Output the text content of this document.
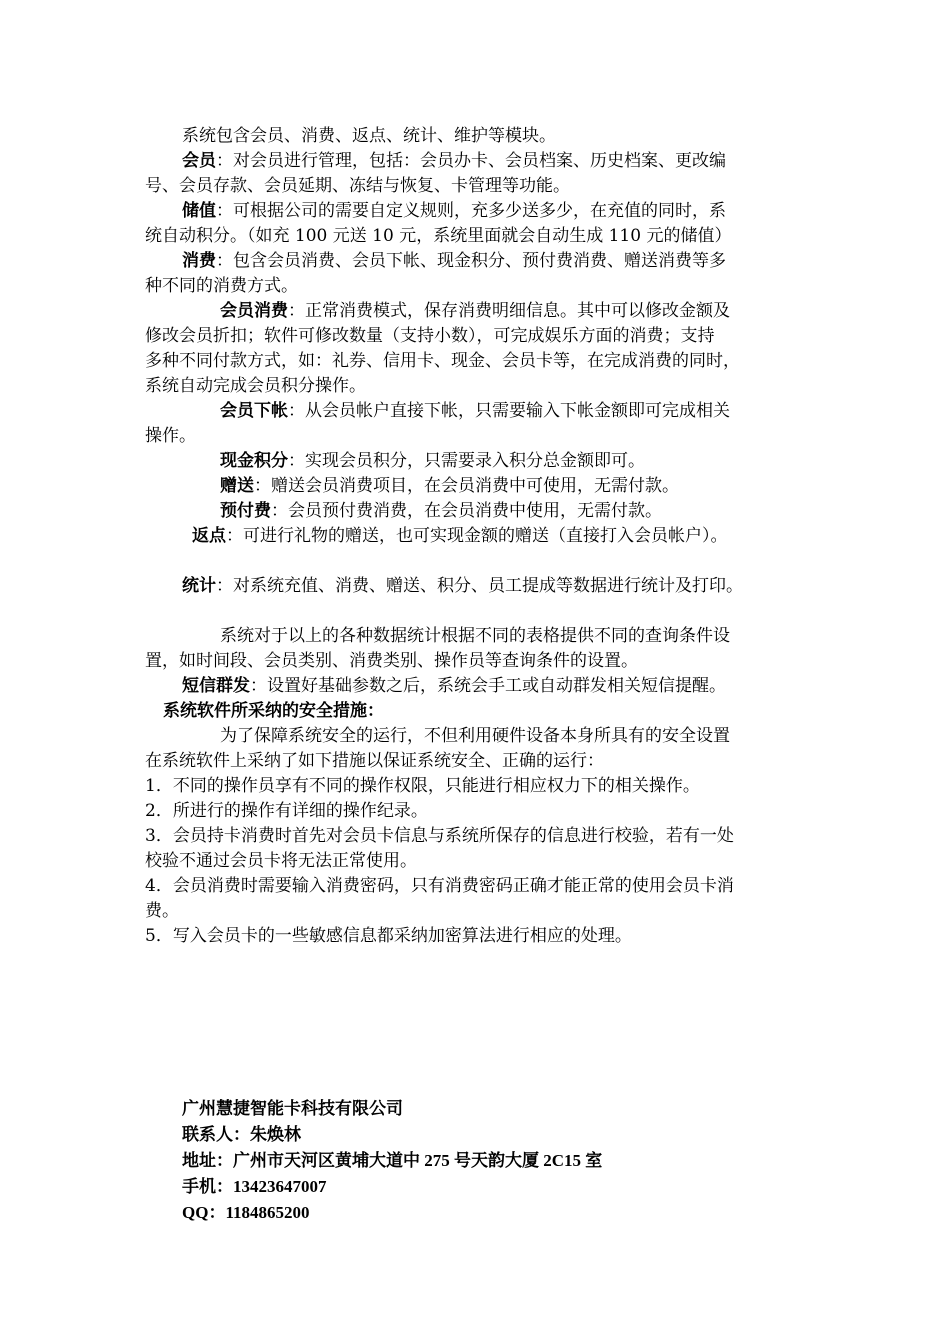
系统包含会员、消费、返点、统计、维护等模块。
会员：对会员进行管理，包括：会员办卡、会员档案、历史档案、更改编
号、会员存款、会员延期、冻结与恢复、卡管理等功能。
储值：可根据公司的需要自定义规则，充多少送多少，在充值的同时，系
统自动积分。（如充 100 元送 10 元，系统里面就会自动生成 110 元的储值）
消费：包含会员消费、会员下帐、现金积分、预付费消费、赠送消费等多
种不同的消费方式。
会员消费：正常消费模式，保存消费明细信息。其中可以修改金额及
修改会员折扣；软件可修改数量（支持小数），可完成娱乐方面的消费；支持
多种不同付款方式，如：礼券、信用卡、现金、会员卡等，在完成消费的同时，
系统自动完成会员积分操作。
会员下帐：从会员帐户直接下帐，只需要输入下帐金额即可完成相关
操作。
现金积分：实现会员积分，只需要录入积分总金额即可。
赠送：赠送会员消费项目，在会员消费中可使用，无需付款。
预付费：会员预付费消费，在会员消费中使用，无需付款。
返点：可进行礼物的赠送，也可实现金额的赠送（直接打入会员帐户）。
统计：对系统充值、消费、赠送、积分、员工提成等数据进行统计及打印。
系统对于以上的各种数据统计根据不同的表格提供不同的查询条件设
置，如时间段、会员类别、消费类别、操作员等查询条件的设置。
短信群发：设置好基础参数之后，系统会手工或自动群发相关短信提醒。
系统软件所采纳的安全措施：
为了保障系统安全的运行，不但利用硬件设备本身所具有的安全设置
在系统软件上采纳了如下措施以保证系统安全、正确的运行：
1．不同的操作员享有不同的操作权限，只能进行相应权力下的相关操作。
2．所进行的操作有详细的操作纪录。
3．会员持卡消费时首先对会员卡信息与系统所保存的信息进行校验，若有一处
校验不通过会员卡将无法正常使用。
4．会员消费时需要输入消费密码，只有消费密码正确才能正常的使用会员卡消
费。
5．写入会员卡的一些敏感信息都采纳加密算法进行相应的处理。
广州慧捷智能卡科技有限公司
联系人：朱焕林
地址：广州市天河区黄埔大道中 275 号天韵大厦 2C15 室
手机：13423647007
QQ：1184865200
